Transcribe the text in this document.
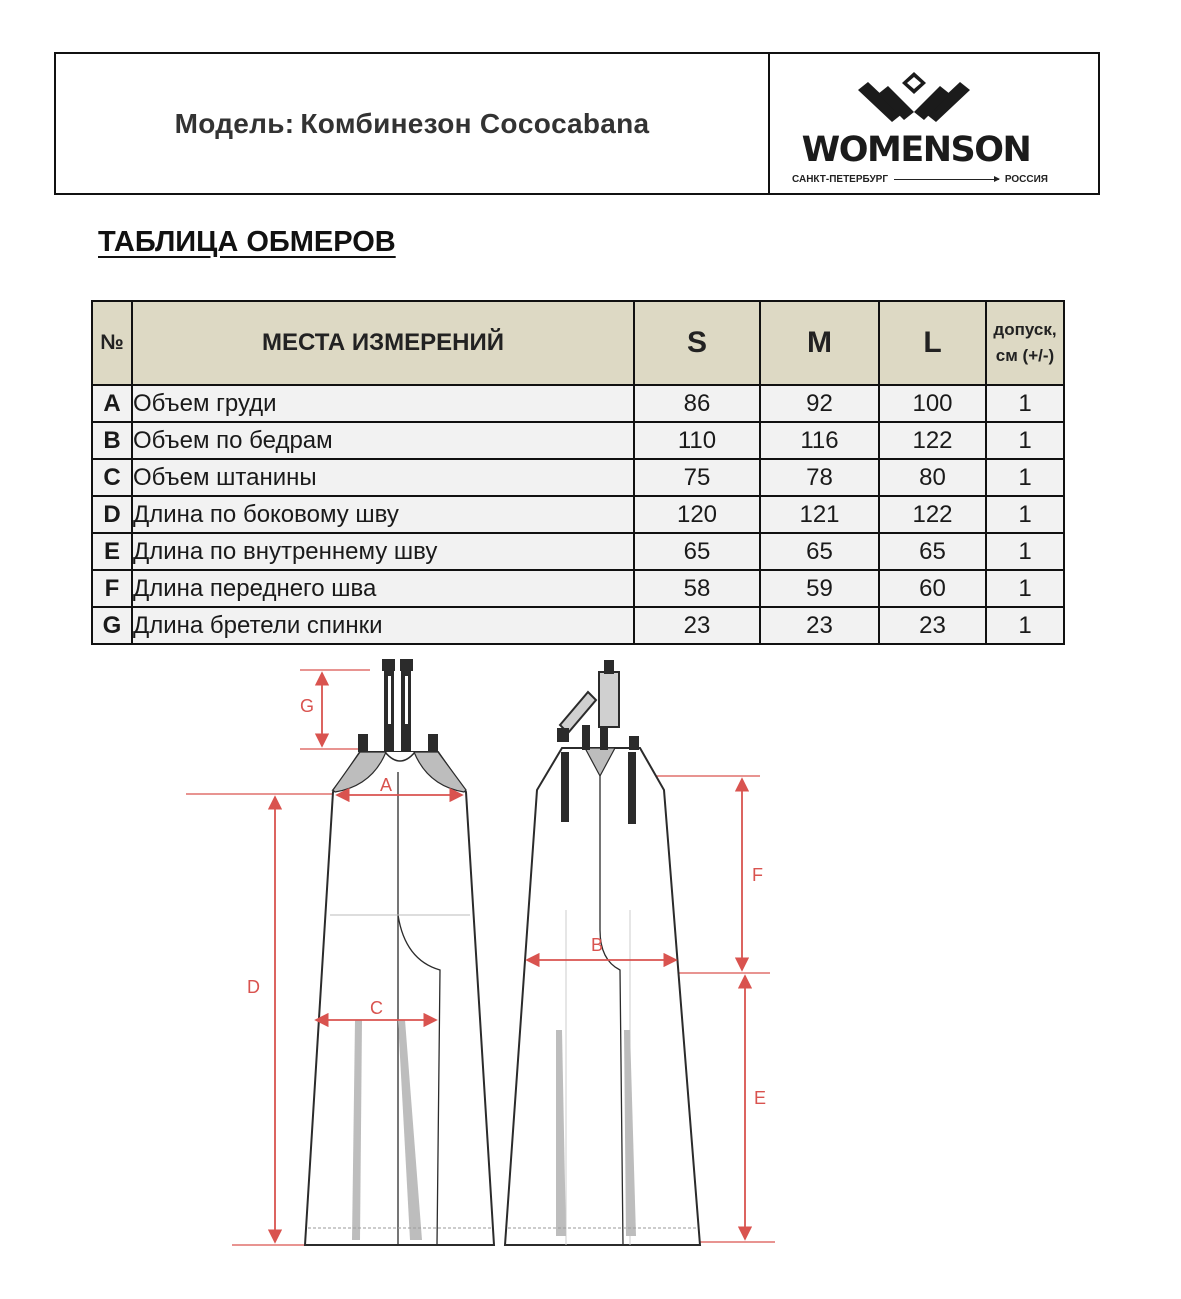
Модель: Комбинезон Cococabana
WOMENSON
САНКТ-ПЕТЕРБУРГ	РОССИЯ
ТАБЛИЦА ОБМЕРОВ
№	МЕСТА ИЗМЕРЕНИЙ	S	M	L	допуск,
см (+/-)
A	Объем груди	86	92	100	1
B	Объем по бедрам	110	116	122	1
C	Объем штанины	75	78	80	1
D	Длина по боковому шву	120	121	122	1
E	Длина по внутреннему шву	65	65	65	1
F	Длина переднего шва	58	59	60	1
G	Длина бретели спинки	23	23	23	1
G
A
D
C
B
F
E
